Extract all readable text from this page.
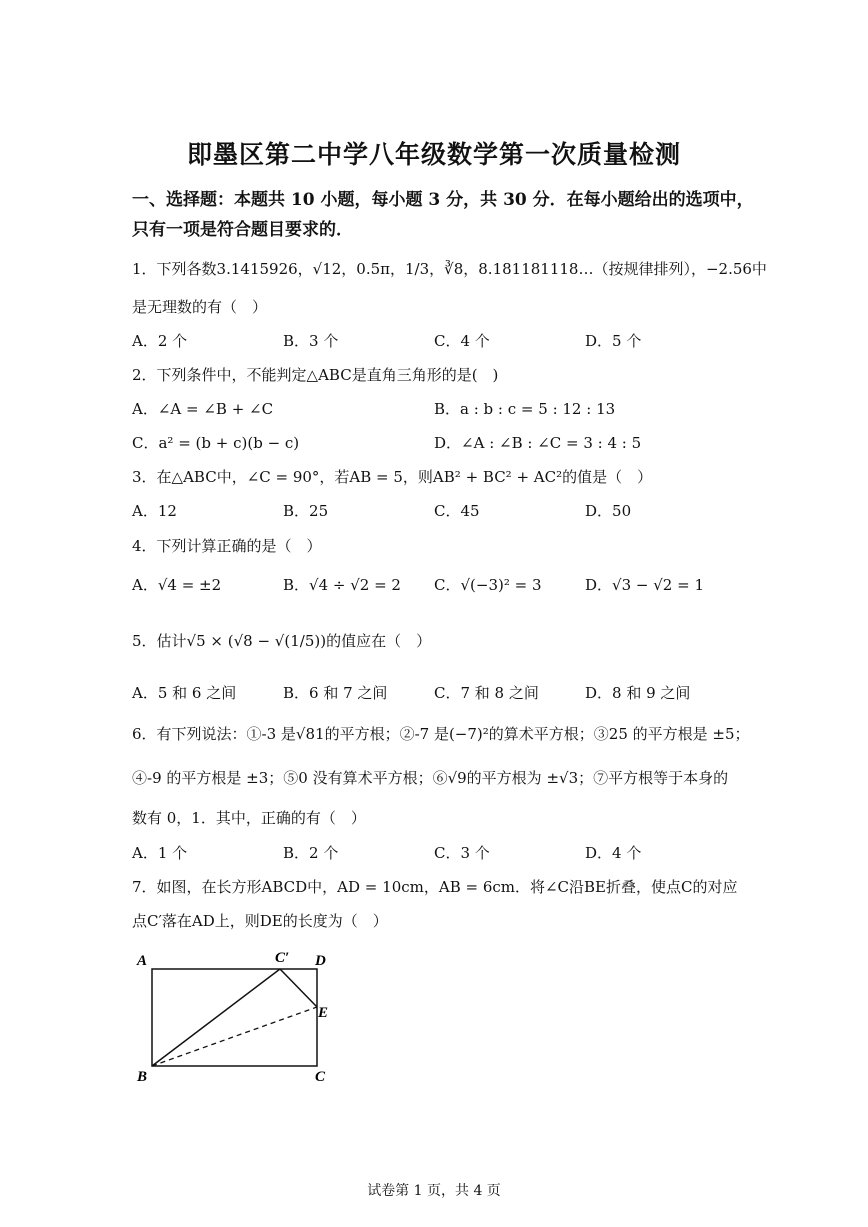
即墨区第二中学八年级数学第一次质量检测
一、选择题：本题共 10 小题，每小题 3 分，共 30 分．在每小题给出的选项中，
只有一项是符合题目要求的．
1．下列各数3.1415926，√12，0.5π，1/3，∛8，8.181181118…（按规律排列），−2.56中
是无理数的有（　）
A．2 个	B．3 个	C．4 个	D．5 个
2．下列条件中，不能判定△ABC是直角三角形的是(　)
A．∠A = ∠B + ∠C	B．a : b : c = 5 : 12 : 13
C．a² = (b + c)(b − c)	D．∠A : ∠B : ∠C = 3 : 4 : 5
3．在△ABC中，∠C = 90°，若AB = 5，则AB² + BC² + AC²的值是（　）
A．12	B．25	C．45	D．50
4．下列计算正确的是（　）
A．√4 = ±2	B．√4 ÷ √2 = 2 C．√(−3)² = 3	D．√3 − √2 = 1
5．估计√5 × (√8 − √(1/5))的值应在（　）
A．5 和 6 之间	B．6 和 7 之间	C．7 和 8 之间	D．8 和 9 之间
6．有下列说法：①-3 是√81的平方根；②-7 是(−7)²的算术平方根；③25 的平方根是 ±5；
④-9 的平方根是 ±3；⑤0 没有算术平方根；⑥√9的平方根为 ±√3；⑦平方根等于本身的
数有 0，1．其中，正确的有（　）
A．1 个	B．2 个	C．3 个	D．4 个
7．如图，在长方形ABCD中，AD = 10cm，AB = 6cm．将∠C沿BE折叠，使点C的对应
点C′落在AD上，则DE的长度为（　）
A	C′ D
E
B	C
试卷第 1 页，共 4 页
